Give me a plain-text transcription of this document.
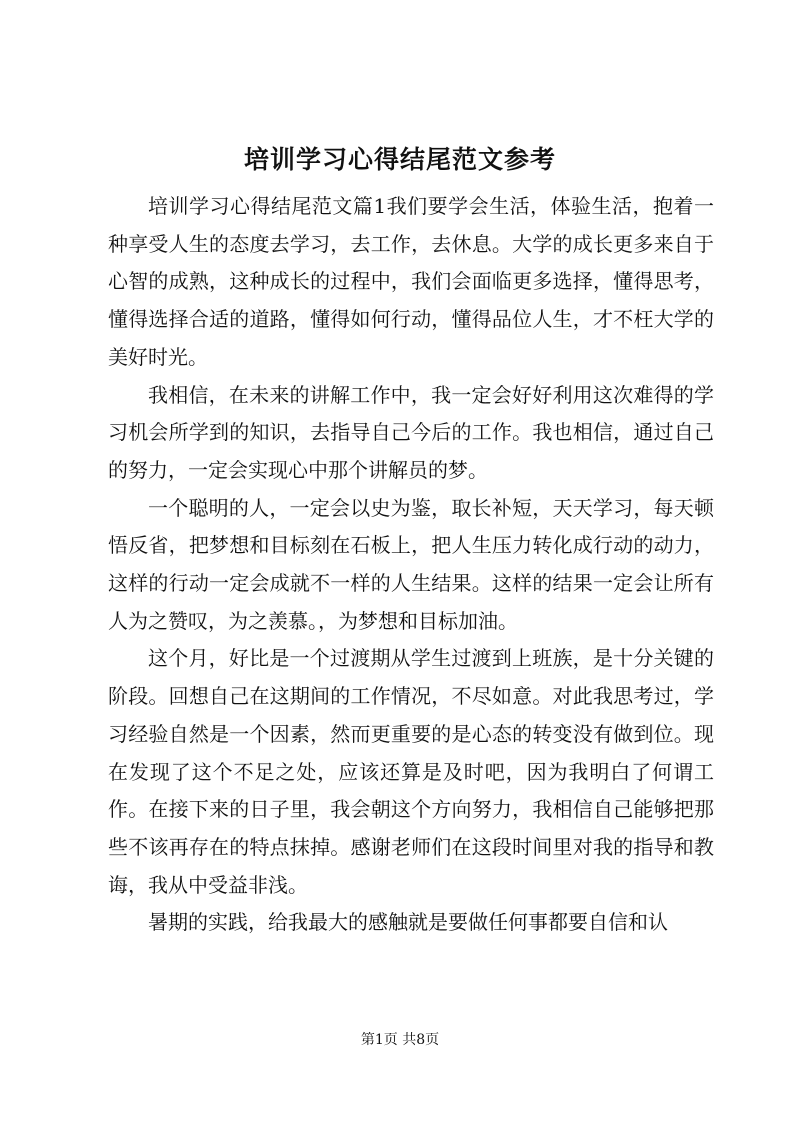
培训学习心得结尾范文参考

培训学习心得结尾范文篇1我们要学会生活，体验生活，抱着一种享受人生的态度去学习，去工作，去休息。大学的成长更多来自于心智的成熟，这种成长的过程中，我们会面临更多选择，懂得思考，懂得选择合适的道路，懂得如何行动，懂得品位人生，才不枉大学的美好时光。

我相信，在未来的讲解工作中，我一定会好好利用这次难得的学习机会所学到的知识，去指导自己今后的工作。我也相信，通过自己的努力，一定会实现心中那个讲解员的梦。

一个聪明的人，一定会以史为鉴，取长补短，天天学习，每天顿悟反省，把梦想和目标刻在石板上，把人生压力转化成行动的动力，这样的行动一定会成就不一样的人生结果。这样的结果一定会让所有人为之赞叹，为之羡慕。，为梦想和目标加油。

这个月，好比是一个过渡期从学生过渡到上班族，是十分关键的阶段。回想自己在这期间的工作情况，不尽如意。对此我思考过，学习经验自然是一个因素，然而更重要的是心态的转变没有做到位。现在发现了这个不足之处，应该还算是及时吧，因为我明白了何谓工作。在接下来的日子里，我会朝这个方向努力，我相信自己能够把那些不该再存在的特点抹掉。感谢老师们在这段时间里对我的指导和教诲，我从中受益非浅。

暑期的实践，给我最大的感触就是要做任何事都要自信和认

第1页 共8页
